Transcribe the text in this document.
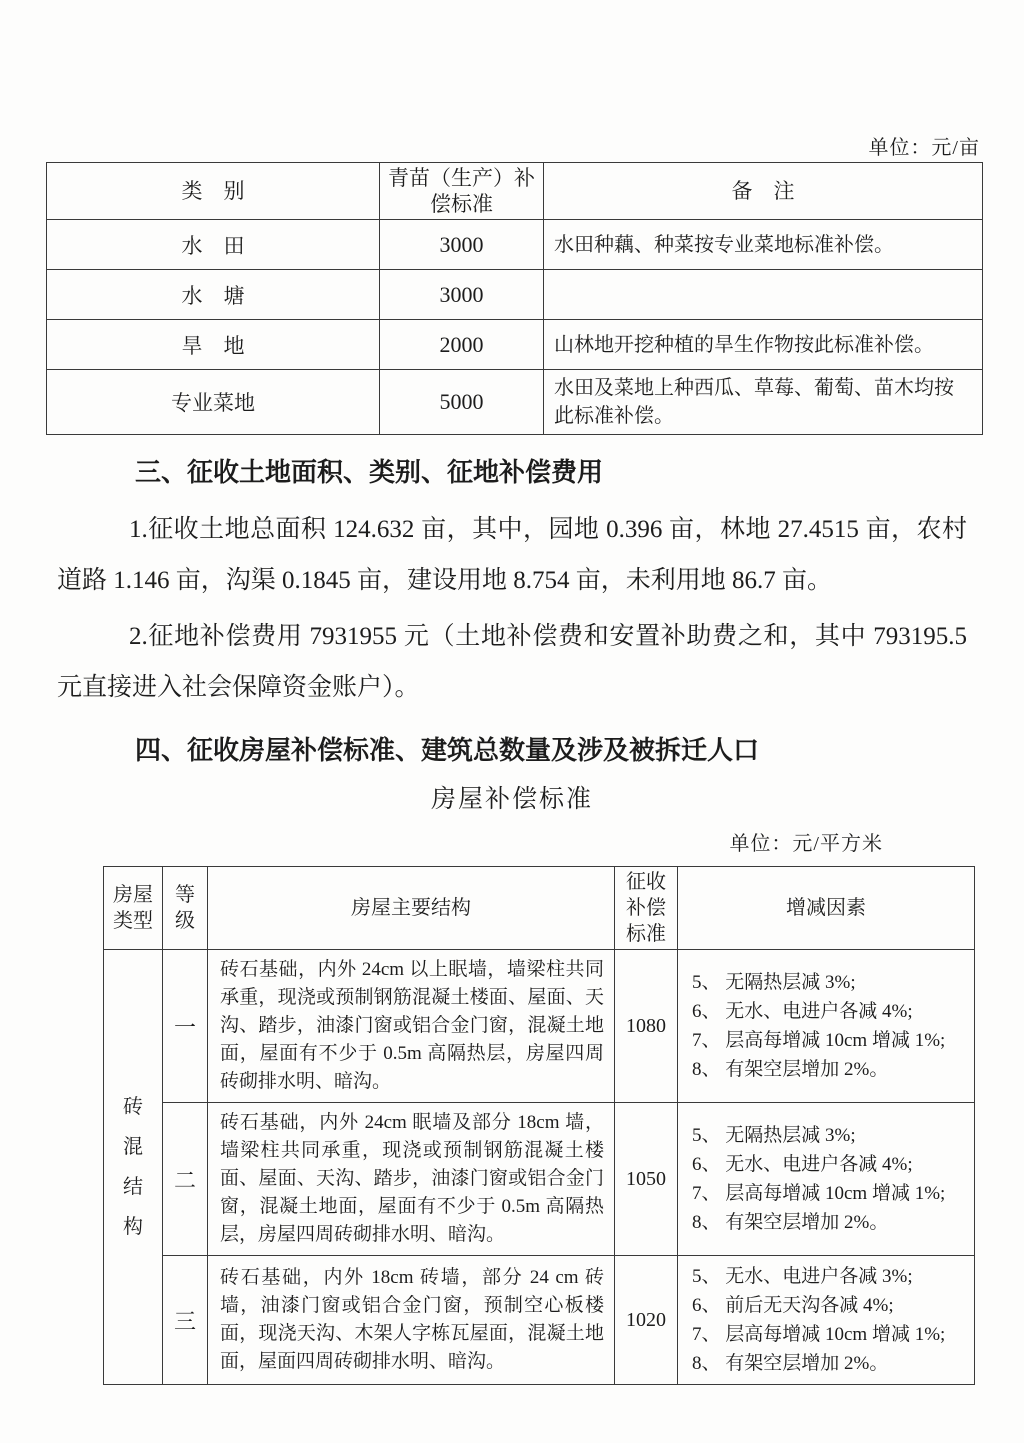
单位：元/亩
类　别	青苗（生产）补偿标准	备　注
水　田	3000	水田种藕、种菜按专业菜地标准补偿。
水　塘	3000	
旱　地	2000	山林地开挖种植的旱生作物按此标准补偿。
专业菜地	5000	水田及菜地上种西瓜、草莓、葡萄、苗木均按此标准补偿。
三、征收土地面积、类别、征地补偿费用

1.征收土地总面积 124.632 亩，其中，园地 0.396 亩，林地 27.4515 亩，农村道路 1.146 亩，沟渠 0.1845 亩，建设用地 8.754 亩，未利用地 86.7 亩。

2.征地补偿费用 7931955 元（土地补偿费和安置补助费之和，其中 793195.5 元直接进入社会保障资金账户）。

四、征收房屋补偿标准、建筑总数量及涉及被拆迁人口
房屋补偿标准
单位：元/平方米
房屋类型	等级	房屋主要结构	征收补偿标准	增减因素
砖混结构	一	砖石基础，内外 24cm 以上眠墙，墙梁柱共同承重，现浇或预制钢筋混凝土楼面、屋面、天沟、踏步，油漆门窗或铝合金门窗，混凝土地面，屋面有不少于 0.5m 高隔热层，房屋四周砖砌排水明、暗沟。	1080	5、 无隔热层减 3%;
6、 无水、电进户各减 4%;
7、 层高每增减 10cm 增减 1%;
8、 有架空层增加 2%。

	二	砖石基础，内外 24cm 眠墙及部分 18cm 墙，墙梁柱共同承重，现浇或预制钢筋混凝土楼面、屋面、天沟、踏步，油漆门窗或铝合金门窗，混凝土地面，屋面有不少于 0.5m 高隔热层，房屋四周砖砌排水明、暗沟。	1050	5、 无隔热层减 3%;
6、 无水、电进户各减 4%;
7、 层高每增减 10cm 增减 1%;
8、 有架空层增加 2%。

	三	砖石基础，内外 18cm 砖墙，部分 24 cm 砖墙，油漆门窗或铝合金门窗，预制空心板楼面，现浇天沟、木架人字栋瓦屋面，混凝土地面，屋面四周砖砌排水明、暗沟。	1020	5、 无水、电进户各减 3%;
6、 前后无天沟各减 4%;
7、 层高每增减 10cm 增减 1%;
8、 有架空层增加 2%。
